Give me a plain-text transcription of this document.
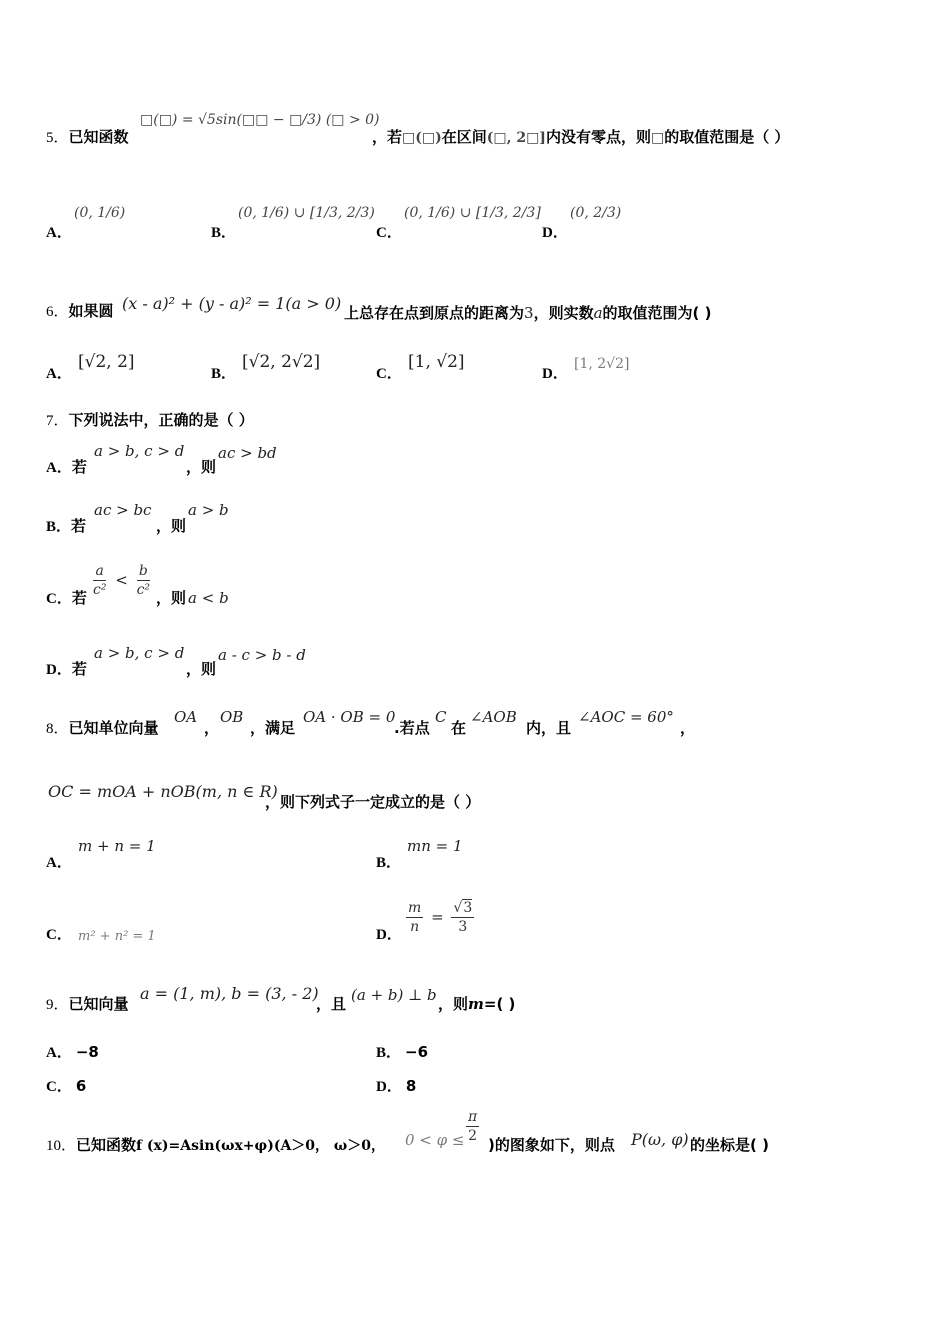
5．已知函数
□(□) = √5sin(□□ − □/3) (□ > 0)
，若□(□)在区间(□, 2□]内没有零点，则□的取值范围是（ ）
A．
(0, 1/6)
B．
(0, 1/6) ∪ [1/3, 2/3)
C．
(0, 1/6) ∪ [1/3, 2/3]
D．
(0, 2/3)
6．如果圆 (x - a)² + (y - a)² = 1(a > 0) 上总存在点到原点的距离为3，则实数a的取值范围为( )
A．
[√2, 2]
B．
[√2, 2√2]
C．
[1, √2]
D．
[1, 2√2]
7．下列说法中，正确的是（ ）
A．若
a > b, c > d
，则
ac > bd
B．若
ac > bc
，则
a > b
C．若 $\frac{a}{\text{c²}} < \frac{b}{\text{c²}}$ ，则 a < b
D．若
a > b, c > d
，则
a - c > b - d
8．已知单位向量
OA
，
OB
，满足
OA · OB = 0
.若点
C
在
∠AOB
内，且
∠AOC = 60°
，
OC = mOA + nOB(m, n ∈ R)
，则下列式子一定成立的是（ ）
A．
m + n = 1
B．
mn = 1
C． m² + n² = 1	D． $\frac{m}{n} = \frac{√3}{3}$
9．已知向量
a = (1, m), b = (3, - 2)
，且 (a + b) ⊥ b ，则m=( )
A． −8	B． −6
C． 6	D． 8
10．已知函数f (x)=Asin(ωx+φ)(A＞0， ω＞0， $0 < \varphi \le \frac{\pi}{2}$ )的图象如下，则点 P(ω, φ) 的坐标是( )
